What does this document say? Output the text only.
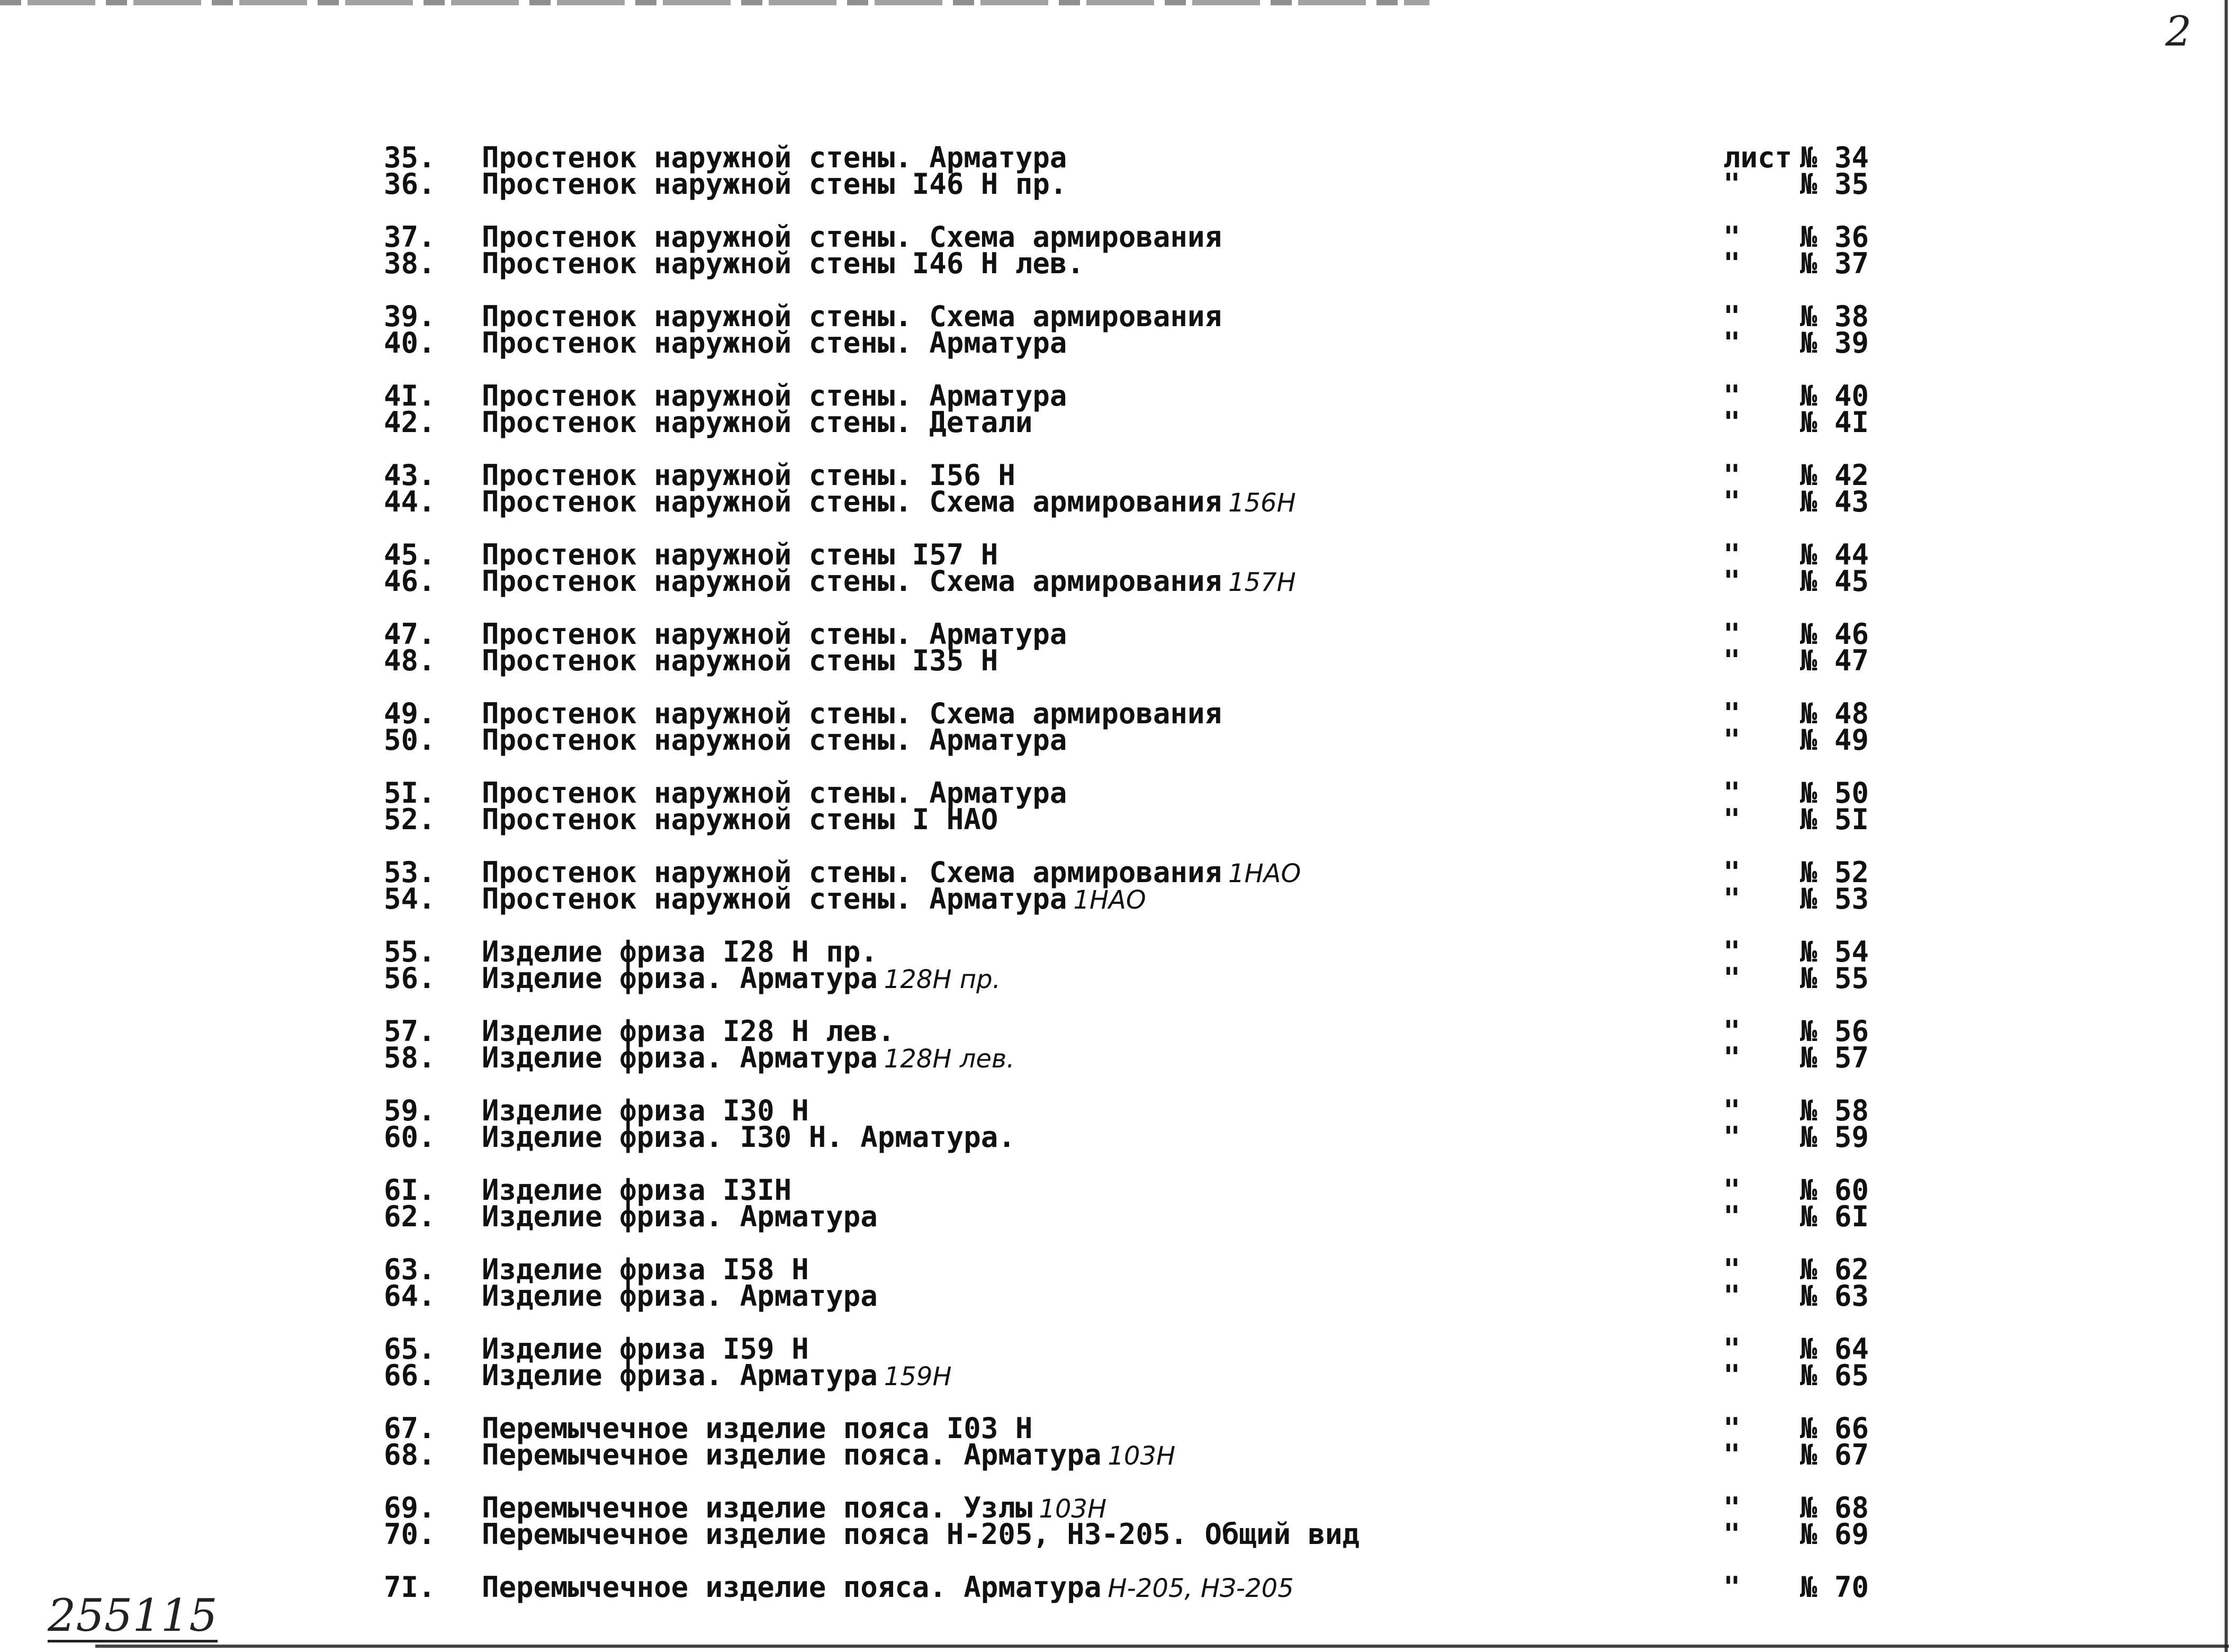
2
35.	Простенок наружной стены. Арматура	лист № 34
36.	Простенок наружной стены I46 Н пр.	"	№ 35
37.	Простенок наружной стены. Схема армирования	"	№ 36
38.	Простенок наружной стены I46 Н лев.	"	№ 37
39.	Простенок наружной стены. Схема армирования	"	№ 38
40.	Простенок наружной стены. Арматура	"	№ 39
4I.	Простенок наружной стены. Арматура	"	№ 40
42.	Простенок наружной стены. Детали	"	№ 4I
43.	Простенок наружной стены. I56 Н	"	№ 42
44.	Простенок наружной стены. Схема армирования 156Н	"	№ 43
45.	Простенок наружной стены I57 Н	"	№ 44
46.	Простенок наружной стены. Схема армирования 157Н	"	№ 45
47.	Простенок наружной стены. Арматура	"	№ 46
48.	Простенок наружной стены I35 Н	"	№ 47
49.	Простенок наружной стены. Схема армирования	"	№ 48
50.	Простенок наружной стены. Арматура	"	№ 49
5I.	Простенок наружной стены. Арматура	"	№ 50
52.	Простенок наружной стены I НАО	"	№ 5I
53.	Простенок наружной стены. Схема армирования 1НАО	"	№ 52
54.	Простенок наружной стены. Арматура 1НАО	"	№ 53
55.	Изделие фриза I28 Н пр.	"	№ 54
56.	Изделие фриза. Арматура 128Н пр.	"	№ 55
57.	Изделие фриза I28 Н лев.	"	№ 56
58.	Изделие фриза. Арматура 128Н лев.	"	№ 57
59.	Изделие фриза I30 Н	"	№ 58
60.	Изделие фриза. I30 Н. Арматура.	"	№ 59
6I.	Изделие фриза I3IН	"	№ 60
62.	Изделие фриза. Арматура	"	№ 6I
63.	Изделие фриза I58 Н	"	№ 62
64.	Изделие фриза. Арматура	"	№ 63
65.	Изделие фриза I59 Н	"	№ 64
66.	Изделие фриза. Арматура 159Н	"	№ 65
67.	Перемычечное изделие пояса I03 Н	"	№ 66
68.	Перемычечное изделие пояса. Арматура 103Н	"	№ 67
69.	Перемычечное изделие пояса. Узлы 103Н	"	№ 68
70.	Перемычечное изделие пояса Н-205, НЗ-205. Общий вид	"	№ 69
7I.	Перемычечное изделие пояса. Арматура Н-205, НЗ-205	"	№ 70
255115
